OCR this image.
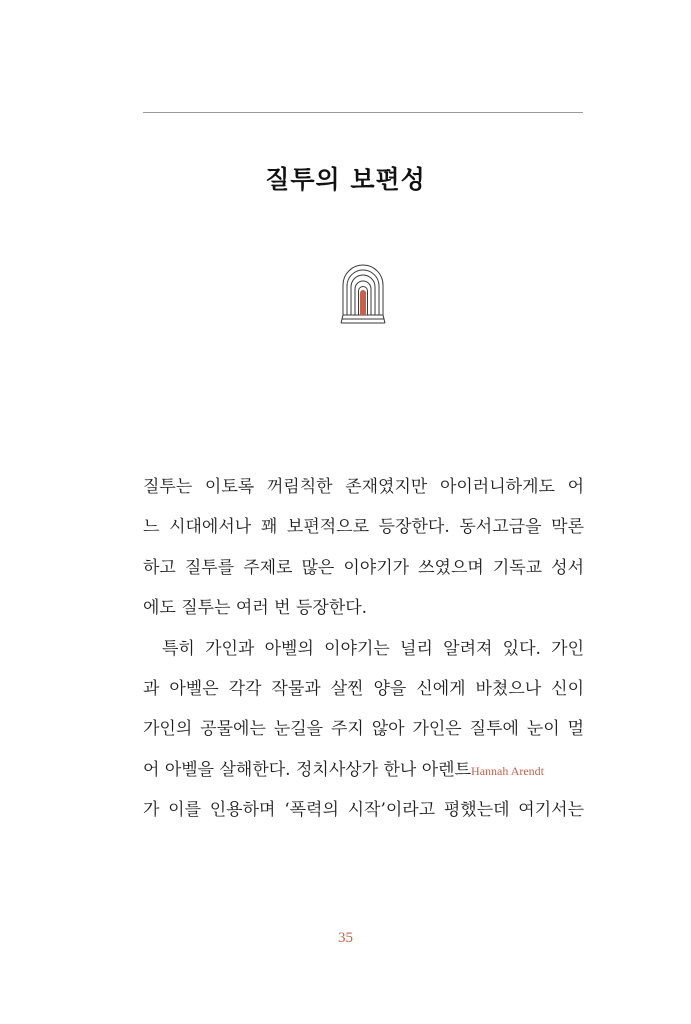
질투의 보편성
질투는 이토록 꺼림칙한 존재였지만 아이러니하게도 어
느 시대에서나 꽤 보편적으로 등장한다. 동서고금을 막론
하고 질투를 주제로 많은 이야기가 쓰였으며 기독교 성서
에도 질투는 여러 번 등장한다.
특히 가인과 아벨의 이야기는 널리 알려져 있다. 가인
과 아벨은 각각 작물과 살찐 양을 신에게 바쳤으나 신이
가인의 공물에는 눈길을 주지 않아 가인은 질투에 눈이 멀
어 아벨을 살해한다. 정치사상가 한나 아렌트Hannah Arendt
가 이를 인용하며 ‘폭력의 시작’이라고 평했는데 여기서는
35
